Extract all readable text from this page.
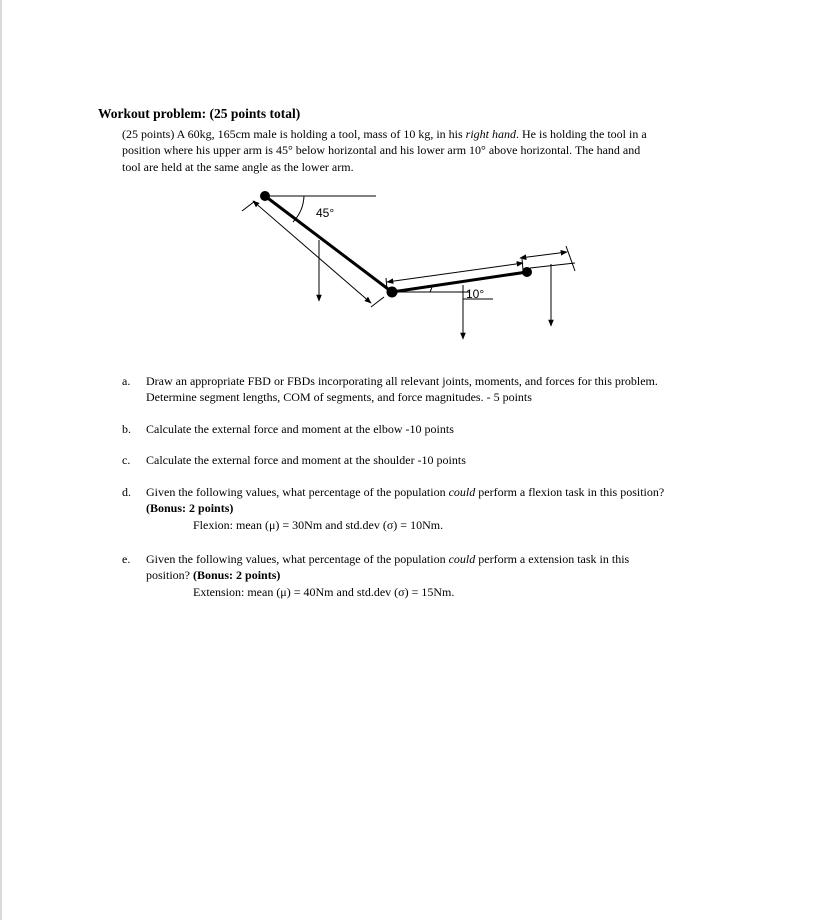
Workout problem: (25 points total)

(25 points) A 60kg, 165cm male is holding a tool, mass of 10 kg, in his right hand. He is holding the tool in a

position where his upper arm is 45° below horizontal and his lower arm 10° above horizontal. The hand and

tool are held at the same angle as the lower arm.

45°
10°
a.	Draw an appropriate FBD or FBDs incorporating all relevant joints, moments, and forces for this problem.

Determine segment lengths, COM of segments, and force magnitudes. - 5 points

b.	Calculate the external force and moment at the elbow -10 points

c.	Calculate the external force and moment at the shoulder -10 points

d.	Given the following values, what percentage of the population could perform a flexion task in this position?

(Bonus: 2 points)

Flexion: mean (μ) = 30Nm and std.dev (σ) = 10Nm.

e.	Given the following values, what percentage of the population could perform a extension task in this

position? (Bonus: 2 points)

Extension: mean (μ) = 40Nm and std.dev (σ) = 15Nm.
